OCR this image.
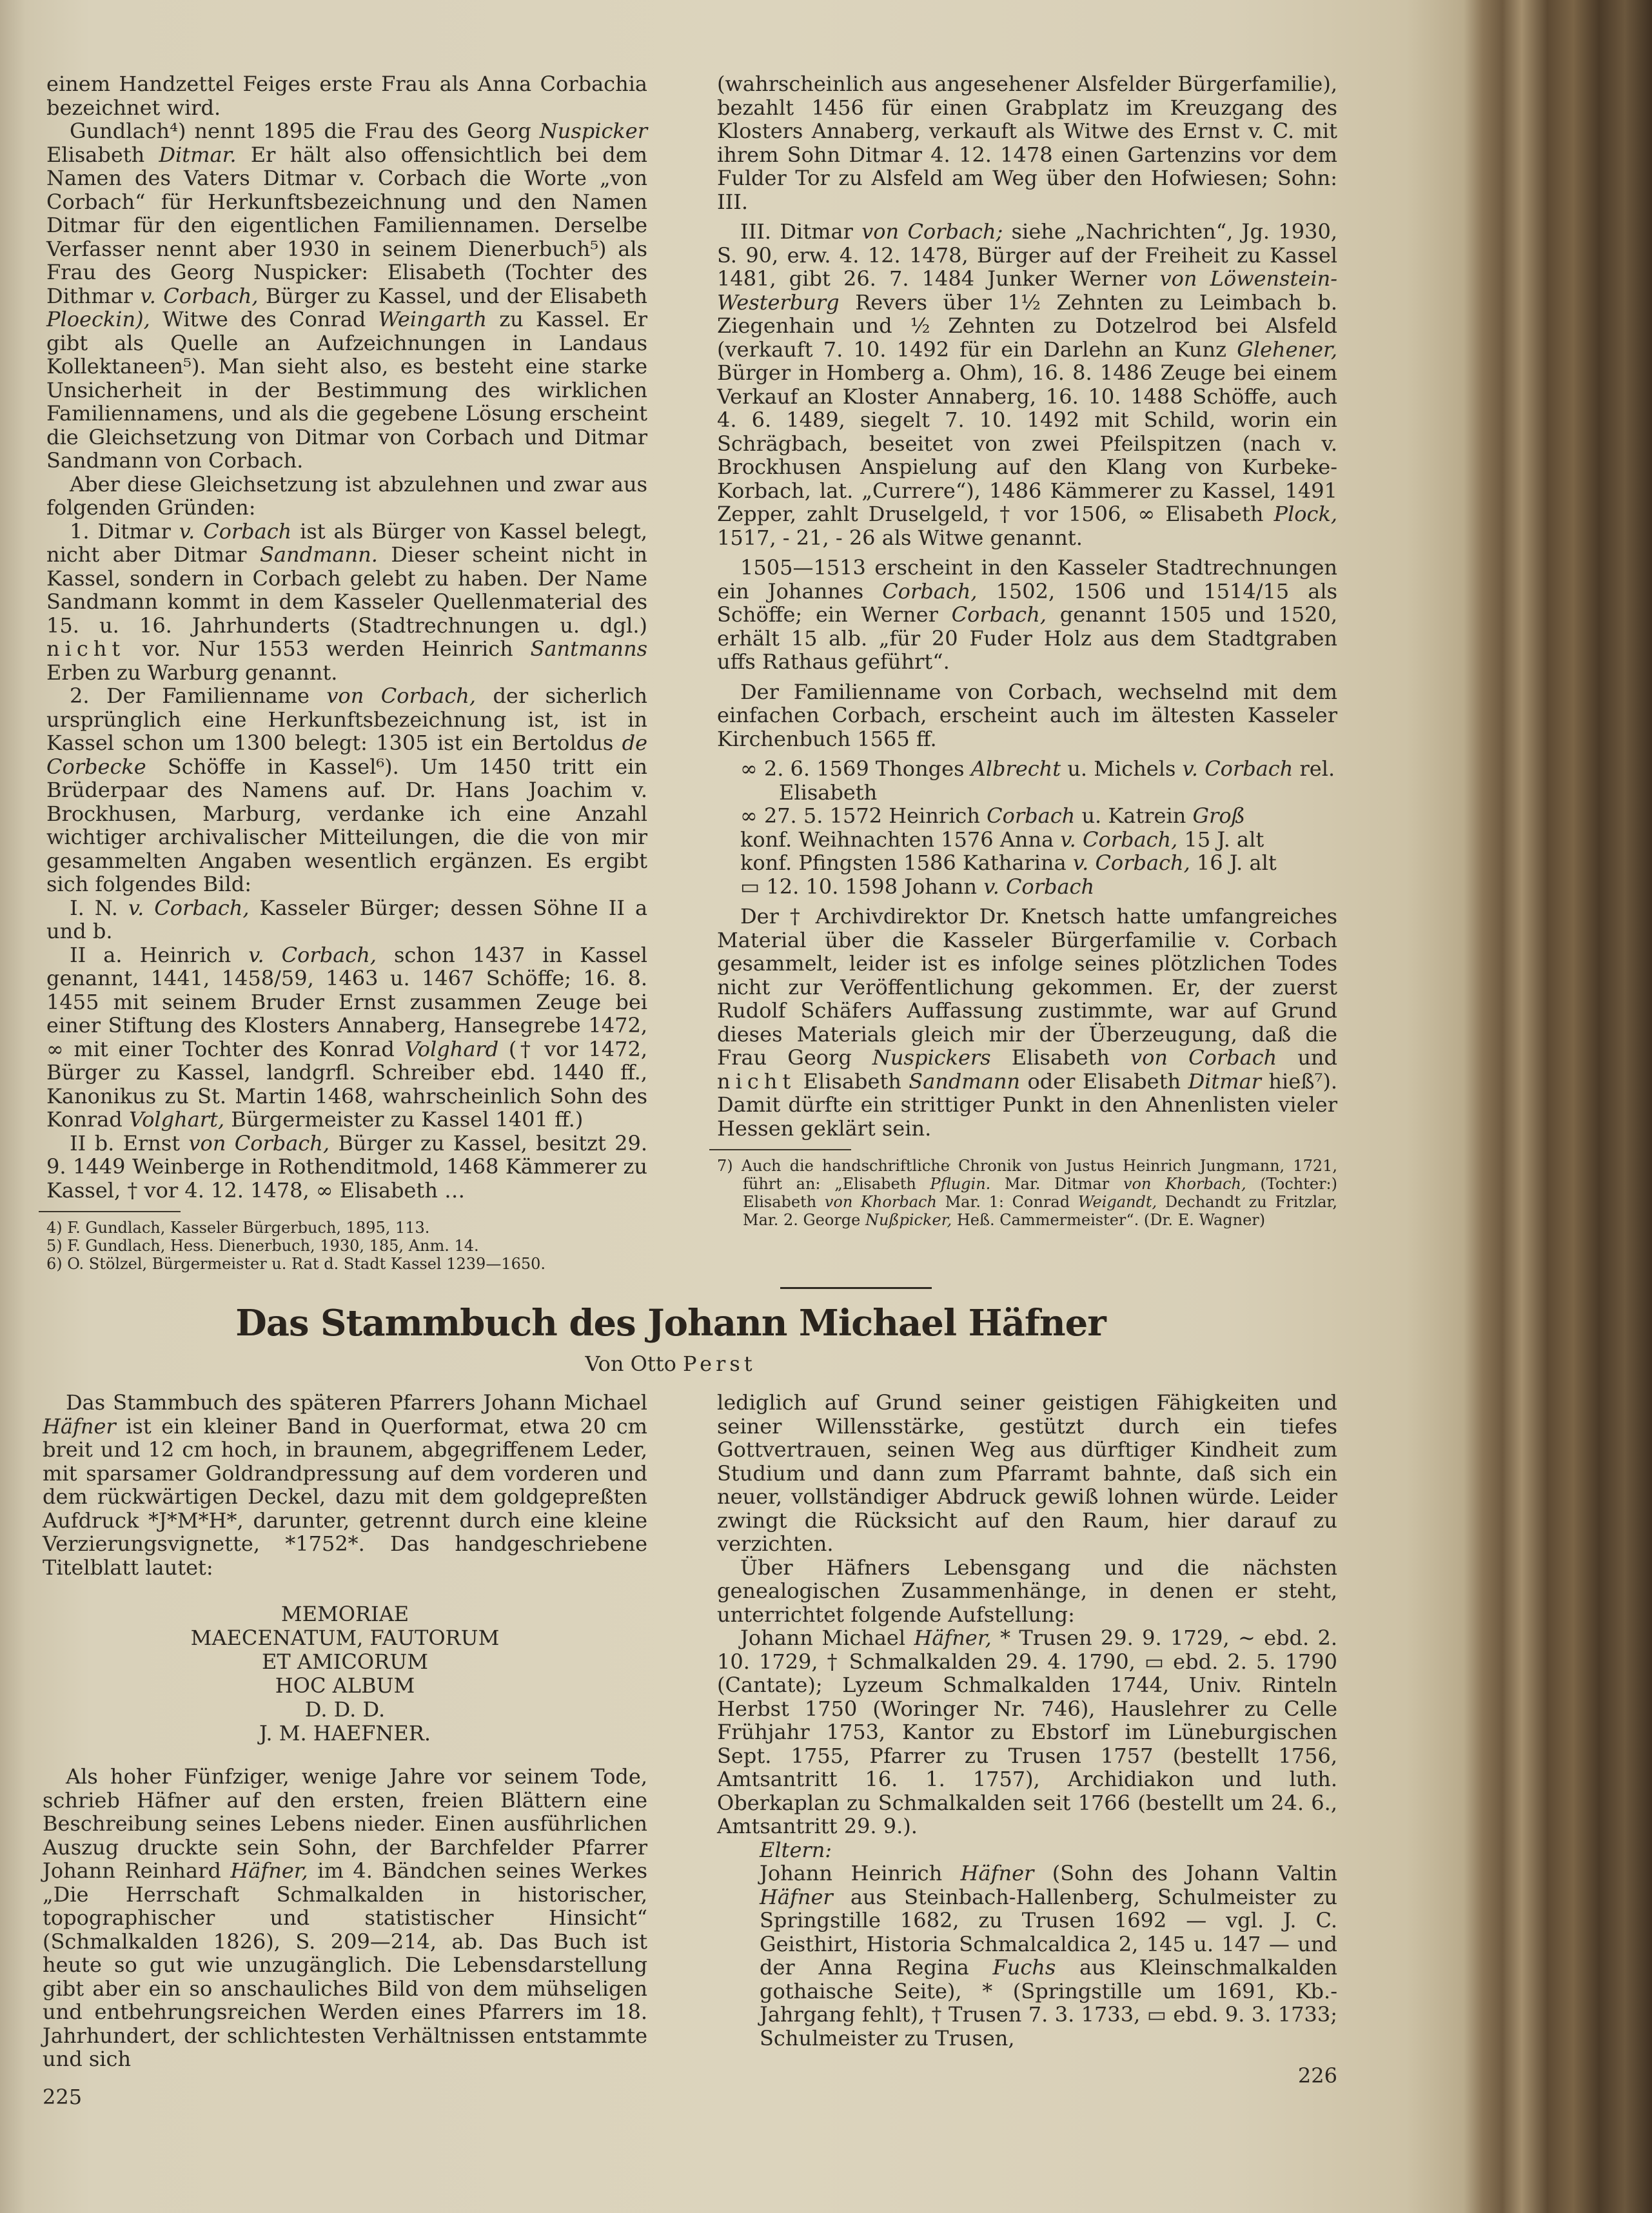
einem Handzettel Feiges erste Frau als Anna Corbachia bezeichnet wird.

Gundlach⁴) nennt 1895 die Frau des Georg Nuspicker Elisabeth Ditmar. Er hält also offensichtlich bei dem Namen des Vaters Ditmar v. Corbach die Worte „von Corbach“ für Herkunftsbezeichnung und den Namen Ditmar für den eigentlichen Familiennamen. Derselbe Verfasser nennt aber 1930 in seinem Dienerbuch⁵) als Frau des Georg Nuspicker: Elisabeth (Tochter des Dithmar v. Corbach, Bürger zu Kassel, und der Elisabeth Ploeckin), Witwe des Conrad Weingarth zu Kassel. Er gibt als Quelle an Aufzeichnungen in Landaus Kollektaneen⁵). Man sieht also, es besteht eine starke Unsicherheit in der Bestimmung des wirklichen Familiennamens, und als die gegebene Lösung erscheint die Gleichsetzung von Ditmar von Corbach und Ditmar Sandmann von Corbach.

Aber diese Gleichsetzung ist abzulehnen und zwar aus folgenden Gründen:

1. Ditmar v. Corbach ist als Bürger von Kassel belegt, nicht aber Ditmar Sandmann. Dieser scheint nicht in Kassel, sondern in Corbach gelebt zu haben. Der Name Sandmann kommt in dem Kasseler Quellenmaterial des 15. u. 16. Jahrhunderts (Stadtrechnungen u. dgl.) nicht vor. Nur 1553 werden Heinrich Santmanns Erben zu Warburg genannt.

2. Der Familienname von Corbach, der sicherlich ursprünglich eine Herkunftsbezeichnung ist, ist in Kassel schon um 1300 belegt: 1305 ist ein Bertoldus de Corbecke Schöffe in Kassel⁶). Um 1450 tritt ein Brüderpaar des Namens auf. Dr. Hans Joachim v. Brockhusen, Marburg, verdanke ich eine Anzahl wichtiger archivalischer Mitteilungen, die die von mir gesammelten Angaben wesentlich ergänzen. Es ergibt sich folgendes Bild:

I. N. v. Corbach, Kasseler Bürger; dessen Söhne II a und b.

II a. Heinrich v. Corbach, schon 1437 in Kassel genannt, 1441, 1458/59, 1463 u. 1467 Schöffe; 16. 8. 1455 mit seinem Bruder Ernst zusammen Zeuge bei einer Stiftung des Klosters Annaberg, Hansegrebe 1472, ∞ mit einer Tochter des Konrad Volghard († vor 1472, Bürger zu Kassel, landgrfl. Schreiber ebd. 1440 ff., Kanonikus zu St. Martin 1468, wahrscheinlich Sohn des Konrad Volghart, Bürgermeister zu Kassel 1401 ff.)

II b. Ernst von Corbach, Bürger zu Kassel, besitzt 29. 9. 1449 Weinberge in Rothenditmold, 1468 Kämmerer zu Kassel, † vor 4. 12. 1478, ∞ Elisabeth …

4) F. Gundlach, Kasseler Bürgerbuch, 1895, 113.

5) F. Gundlach, Hess. Dienerbuch, 1930, 185, Anm. 14.

6) O. Stölzel, Bürgermeister u. Rat d. Stadt Kassel 1239—1650.

(wahrscheinlich aus angesehener Alsfelder Bürgerfamilie), bezahlt 1456 für einen Grabplatz im Kreuzgang des Klosters Annaberg, verkauft als Witwe des Ernst v. C. mit ihrem Sohn Ditmar 4. 12. 1478 einen Gartenzins vor dem Fulder Tor zu Alsfeld am Weg über den Hofwiesen; Sohn: III.

III. Ditmar von Corbach; siehe „Nachrichten“, Jg. 1930, S. 90, erw. 4. 12. 1478, Bürger auf der Freiheit zu Kassel 1481, gibt 26. 7. 1484 Junker Werner von Löwenstein-Westerburg Revers über 1½ Zehnten zu Leimbach b. Ziegenhain und ½ Zehnten zu Dotzelrod bei Alsfeld (verkauft 7. 10. 1492 für ein Darlehn an Kunz Glehener, Bürger in Homberg a. Ohm), 16. 8. 1486 Zeuge bei einem Verkauf an Kloster Annaberg, 16. 10. 1488 Schöffe, auch 4. 6. 1489, siegelt 7. 10. 1492 mit Schild, worin ein Schrägbach, beseitet von zwei Pfeilspitzen (nach v. Brockhusen Anspielung auf den Klang von Kurbeke-Korbach, lat. „Currere“), 1486 Kämmerer zu Kassel, 1491 Zepper, zahlt Druselgeld, † vor 1506, ∞ Elisabeth Plock, 1517, - 21, - 26 als Witwe genannt.

1505—1513 erscheint in den Kasseler Stadtrechnungen ein Johannes Corbach, 1502, 1506 und 1514/15 als Schöffe; ein Werner Corbach, genannt 1505 und 1520, erhält 15 alb. „für 20 Fuder Holz aus dem Stadtgraben uffs Rathaus geführt“.

Der Familienname von Corbach, wechselnd mit dem einfachen Corbach, erscheint auch im ältesten Kasseler Kirchenbuch 1565 ff.

∞ 2. 6. 1569 Thonges Albrecht u. Michels v. Corbach rel. Elisabeth

∞ 27. 5. 1572 Heinrich Corbach u. Katrein Groß

konf. Weihnachten 1576 Anna v. Corbach, 15 J. alt

konf. Pfingsten 1586 Katharina v. Corbach, 16 J. alt

▭ 12. 10. 1598 Johann v. Corbach

Der † Archivdirektor Dr. Knetsch hatte umfangreiches Material über die Kasseler Bürgerfamilie v. Corbach gesammelt, leider ist es infolge seines plötzlichen Todes nicht zur Veröffentlichung gekommen. Er, der zuerst Rudolf Schäfers Auffassung zustimmte, war auf Grund dieses Materials gleich mir der Überzeugung, daß die Frau Georg Nuspickers Elisabeth von Corbach und nicht Elisabeth Sandmann oder Elisabeth Ditmar hieß⁷). Damit dürfte ein strittiger Punkt in den Ahnenlisten vieler Hessen geklärt sein.

7) Auch die handschriftliche Chronik von Justus Heinrich Jungmann, 1721, führt an: „Elisabeth Pflugin. Mar. Ditmar von Khorbach, (Tochter:) Elisabeth von Khorbach Mar. 1: Conrad Weigandt, Dechandt zu Fritzlar, Mar. 2. George Nußpicker, Heß. Cammermeister“. (Dr. E. Wagner)

Das Stammbuch des Johann Michael Häfner
Von Otto Perst

Das Stammbuch des späteren Pfarrers Johann Michael Häfner ist ein kleiner Band in Querformat, etwa 20 cm breit und 12 cm hoch, in braunem, abgegriffenem Leder, mit sparsamer Goldrandpressung auf dem vorderen und dem rückwärtigen Deckel, dazu mit dem goldgepreßten Aufdruck *J*M*H*, darunter, getrennt durch eine kleine Verzierungsvignette, *1752*. Das handgeschriebene Titelblatt lautet:

MEMORIAE
MAECENATUM, FAUTORUM
ET AMICORUM
HOC ALBUM
D. D. D.
J. M. HAEFNER.

Als hoher Fünfziger, wenige Jahre vor seinem Tode, schrieb Häfner auf den ersten, freien Blättern eine Beschreibung seines Lebens nieder. Einen ausführlichen Auszug druckte sein Sohn, der Barchfelder Pfarrer Johann Reinhard Häfner, im 4. Bändchen seines Werkes „Die Herrschaft Schmalkalden in historischer, topographischer und statistischer Hinsicht“ (Schmalkalden 1826), S. 209—214, ab. Das Buch ist heute so gut wie unzugänglich. Die Lebensdarstellung gibt aber ein so anschauliches Bild von dem mühseligen und entbehrungsreichen Werden eines Pfarrers im 18. Jahrhundert, der schlichtesten Verhältnissen entstammte und sich

225

lediglich auf Grund seiner geistigen Fähigkeiten und seiner Willensstärke, gestützt durch ein tiefes Gottvertrauen, seinen Weg aus dürftiger Kindheit zum Studium und dann zum Pfarramt bahnte, daß sich ein neuer, vollständiger Abdruck gewiß lohnen würde. Leider zwingt die Rücksicht auf den Raum, hier darauf zu verzichten.

Über Häfners Lebensgang und die nächsten genealogischen Zusammenhänge, in denen er steht, unterrichtet folgende Aufstellung:

Johann Michael Häfner, * Trusen 29. 9. 1729, ∼ ebd. 2. 10. 1729, † Schmalkalden 29. 4. 1790, ▭ ebd. 2. 5. 1790 (Cantate); Lyzeum Schmalkalden 1744, Univ. Rinteln Herbst 1750 (Woringer Nr. 746), Hauslehrer zu Celle Frühjahr 1753, Kantor zu Ebstorf im Lüneburgischen Sept. 1755, Pfarrer zu Trusen 1757 (bestellt 1756, Amtsantritt 16. 1. 1757), Archidiakon und luth. Oberkaplan zu Schmalkalden seit 1766 (bestellt um 24. 6., Amtsantritt 29. 9.).

Eltern:

Johann Heinrich Häfner (Sohn des Johann Valtin Häfner aus Steinbach-Hallenberg, Schulmeister zu Springstille 1682, zu Trusen 1692 — vgl. J. C. Geisthirt, Historia Schmalcaldica 2, 145 u. 147 — und der Anna Regina Fuchs aus Kleinschmalkalden gothaische Seite), * (Springstille um 1691, Kb.-Jahrgang fehlt), † Trusen 7. 3. 1733, ▭ ebd. 9. 3. 1733; Schulmeister zu Trusen,

226
